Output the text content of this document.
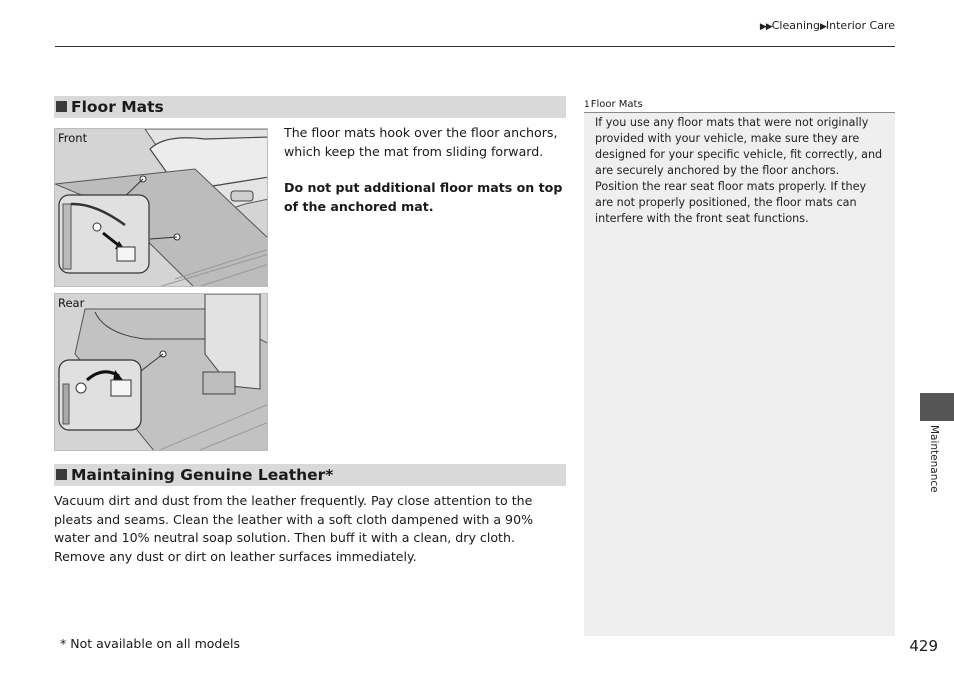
▶▶Cleaning▶Interior Care
Floor Mats
Front
Rear
The floor mats hook over the floor anchors, which keep the mat from sliding forward.
Do not put additional floor mats on top of the anchored mat.
Maintaining Genuine Leather*
Vacuum dirt and dust from the leather frequently. Pay close attention to the pleats and seams. Clean the leather with a soft cloth dampened with a 90% water and 10% neutral soap solution. Then buff it with a clean, dry cloth. Remove any dust or dirt on leather surfaces immediately.
1Floor Mats

If you use any floor mats that were not originally provided with your vehicle, make sure they are designed for your specific vehicle, fit correctly, and are securely anchored by the floor anchors.

Position the rear seat floor mats properly. If they are not properly positioned, the floor mats can interfere with the front seat functions.

* Not available on all models	429
Maintenance
